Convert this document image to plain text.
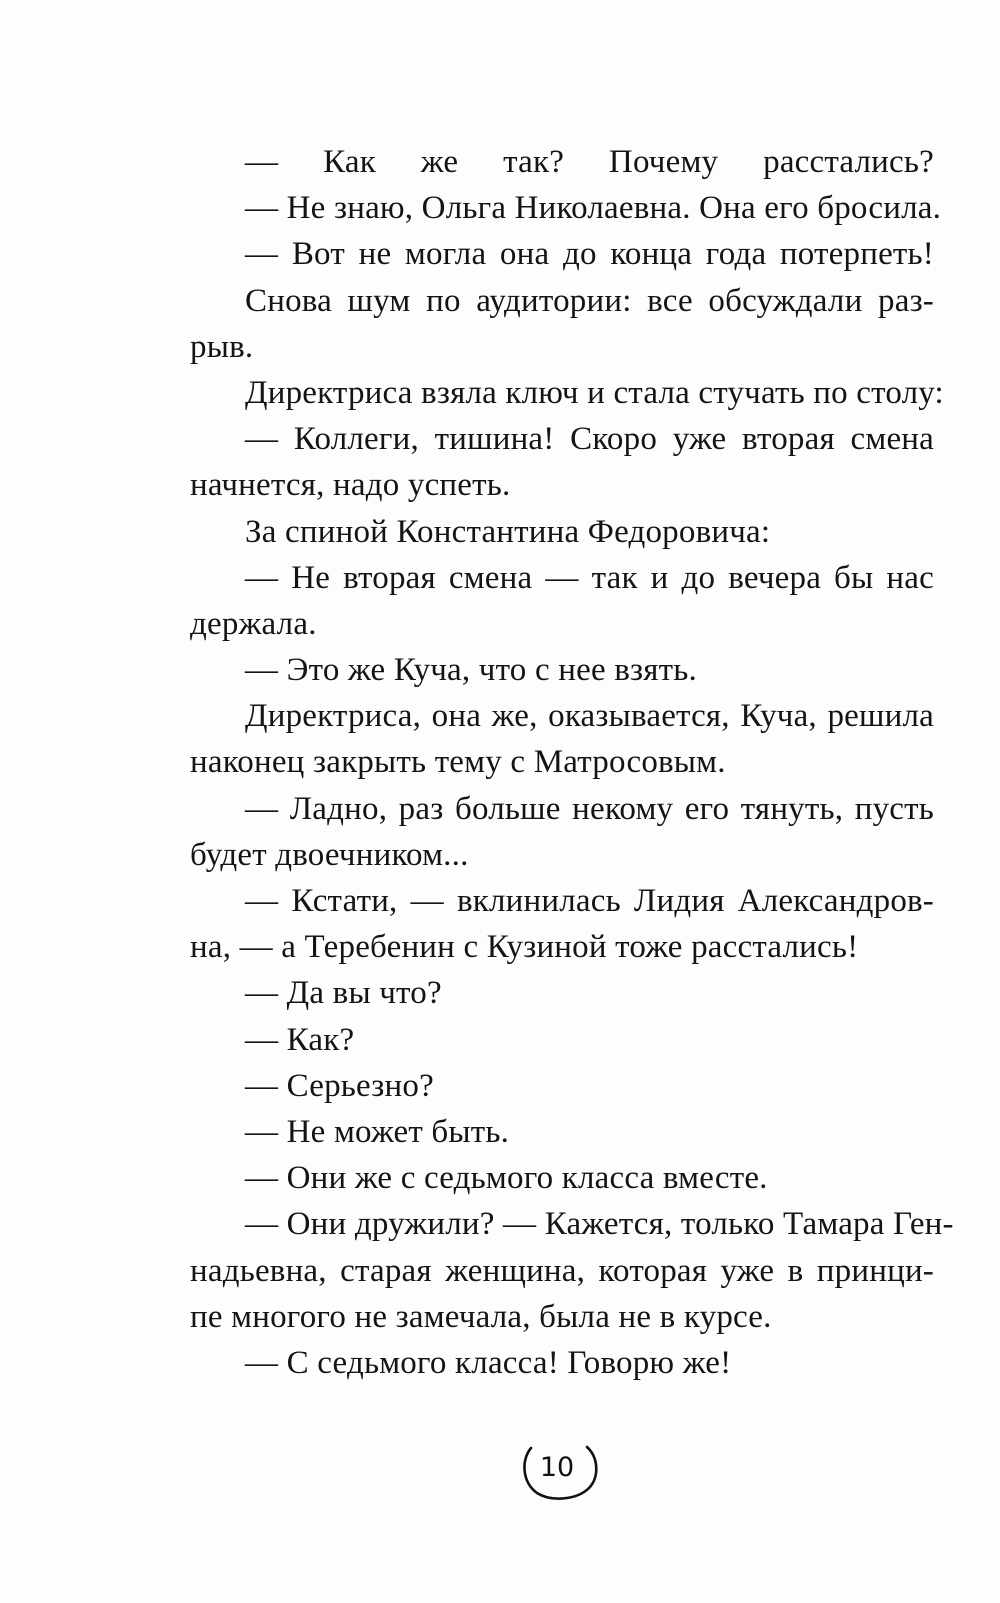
— Как же так? Почему расстались?
— Не знаю, Ольга Николаевна. Она его бросила.
— Вот не могла она до конца года потерпеть!
Снова шум по аудитории: все обсуждали раз-
рыв.
Директриса взяла ключ и стала стучать по столу:
— Коллеги, тишина! Скоро уже вторая смена
начнется, надо успеть.
За спиной Константина Федоровича:
— Не вторая смена — так и до вечера бы нас
держала.
— Это же Куча, что с нее взять.
Директриса, она же, оказывается, Куча, решила
наконец закрыть тему с Матросовым.
— Ладно, раз больше некому его тянуть, пусть
будет двоечником...
— Кстати, — вклинилась Лидия Александров-
на, — а Теребенин с Кузиной тоже расстались!
— Да вы что?
— Как?
— Серьезно?
— Не может быть.
— Они же с седьмого класса вместе.
— Они дружили? — Кажется, только Тамара Ген-
надьевна, старая женщина, которая уже в принци-
пе многого не замечала, была не в курсе.
— С седьмого класса! Говорю же!
10
